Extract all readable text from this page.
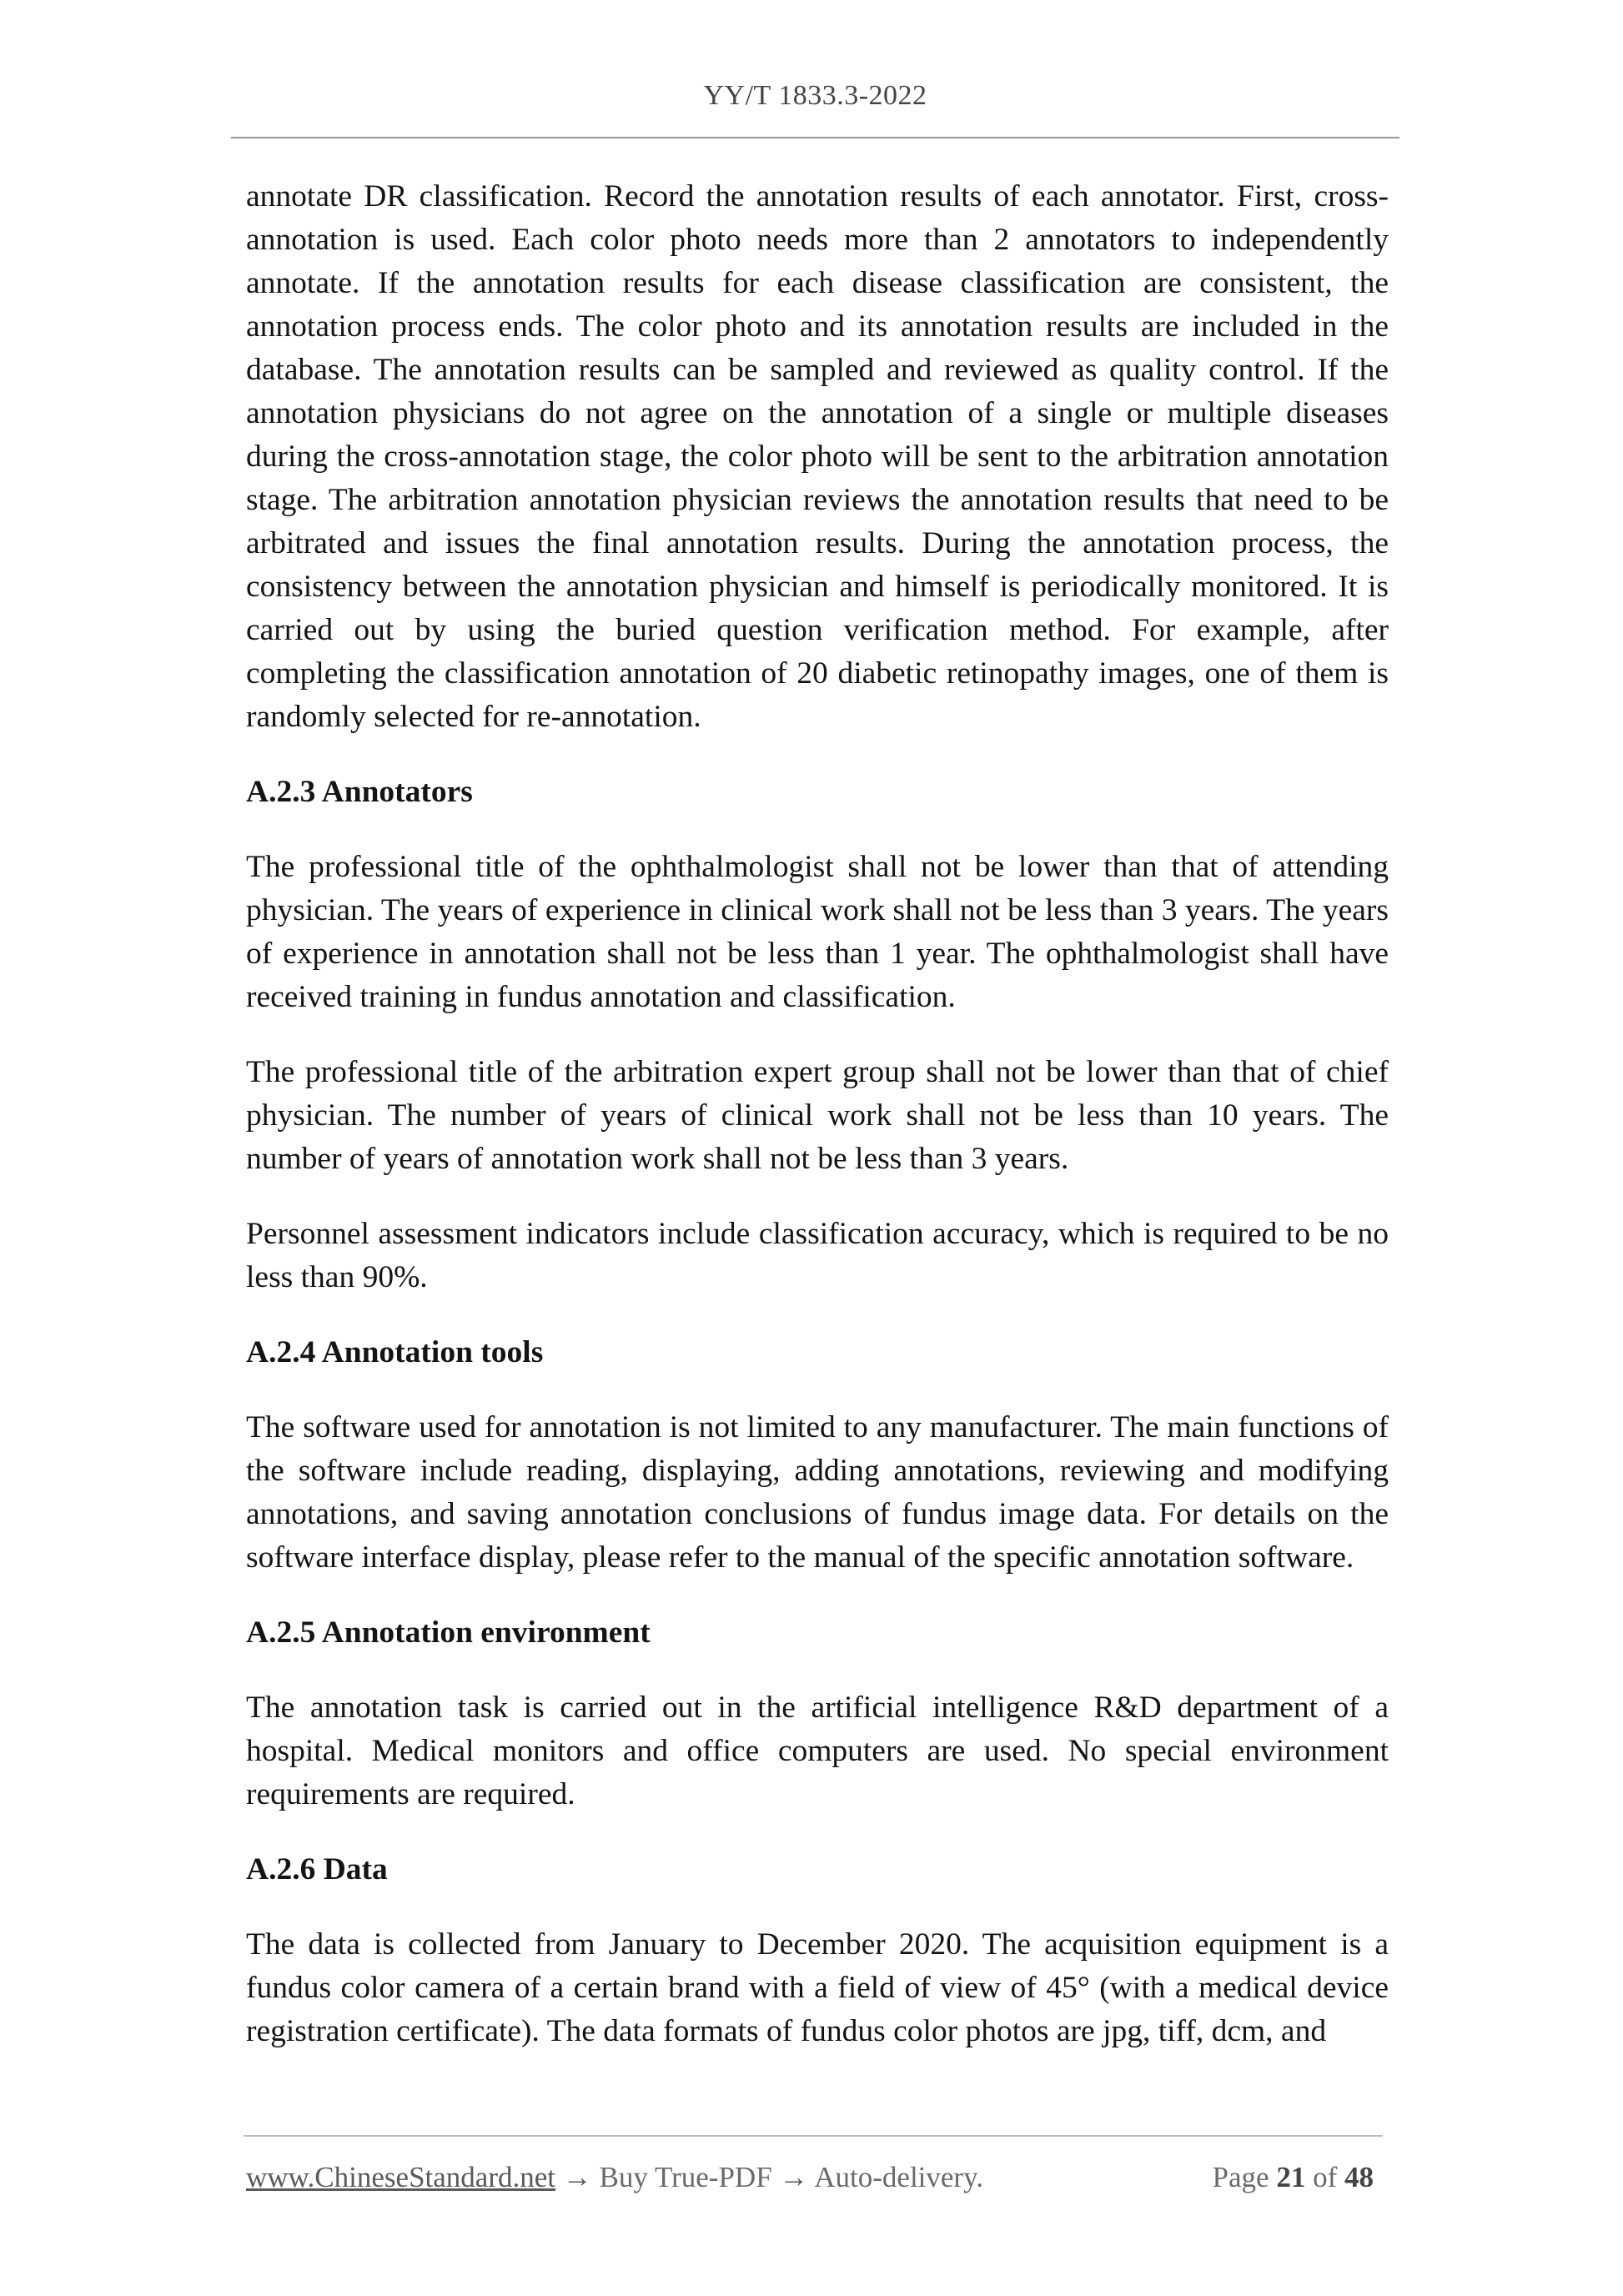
YY/T 1833.3-2022

annotate DR classification. Record the annotation results of each annotator. First, cross-annotation is used. Each color photo needs more than 2 annotators to independently annotate. If the annotation results for each disease classification are consistent, the annotation process ends. The color photo and its annotation results are included in the database. The annotation results can be sampled and reviewed as quality control. If the annotation physicians do not agree on the annotation of a single or multiple diseases during the cross-annotation stage, the color photo will be sent to the arbitration annotation stage. The arbitration annotation physician reviews the annotation results that need to be arbitrated and issues the final annotation results. During the annotation process, the consistency between the annotation physician and himself is periodically monitored. It is carried out by using the buried question verification method. For example, after completing the classification annotation of 20 diabetic retinopathy images, one of them is randomly selected for re-annotation.

A.2.3 Annotators

The professional title of the ophthalmologist shall not be lower than that of attending physician. The years of experience in clinical work shall not be less than 3 years. The years of experience in annotation shall not be less than 1 year. The ophthalmologist shall have received training in fundus annotation and classification.

The professional title of the arbitration expert group shall not be lower than that of chief physician. The number of years of clinical work shall not be less than 10 years. The number of years of annotation work shall not be less than 3 years.

Personnel assessment indicators include classification accuracy, which is required to be no less than 90%.

A.2.4 Annotation tools

The software used for annotation is not limited to any manufacturer. The main functions of the software include reading, displaying, adding annotations, reviewing and modifying annotations, and saving annotation conclusions of fundus image data. For details on the software interface display, please refer to the manual of the specific annotation software.

A.2.5 Annotation environment

The annotation task is carried out in the artificial intelligence R&D department of a hospital. Medical monitors and office computers are used. No special environment requirements are required.

A.2.6 Data

The data is collected from January to December 2020. The acquisition equipment is a fundus color camera of a certain brand with a field of view of 45° (with a medical device registration certificate). The data formats of fundus color photos are jpg, tiff, dcm, and

www.ChineseStandard.net → Buy True-PDF → Auto-delivery.	Page 21 of 48
